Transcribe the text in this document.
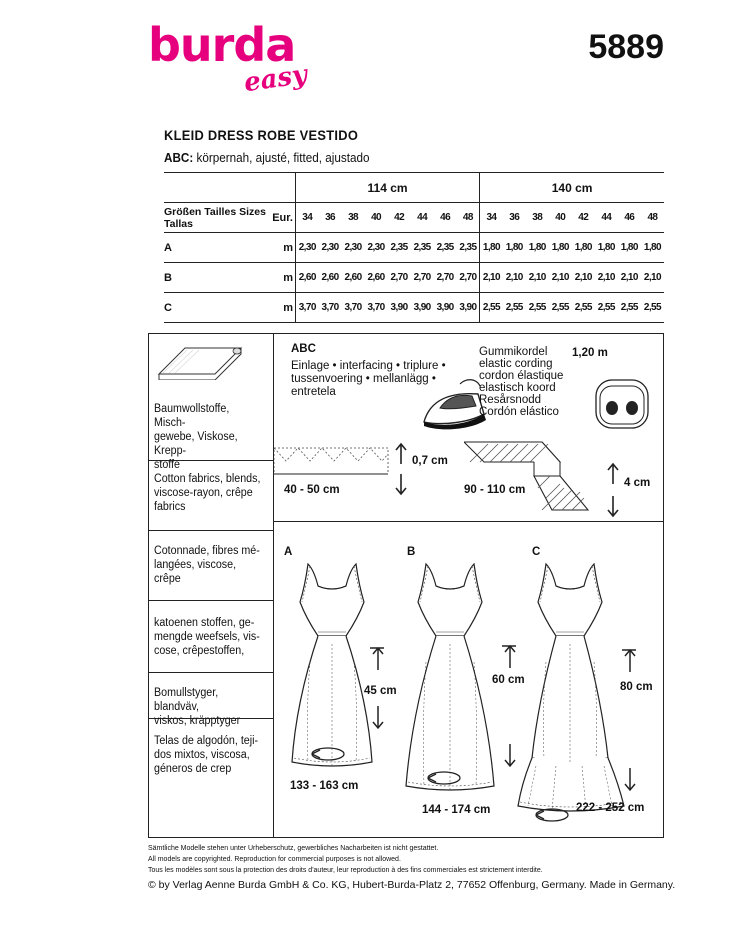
burda
easy
5889
KLEID DRESS ROBE VESTIDO
ABC: körpernah, ajusté, fitted, ajustado
		114 cm								140 cm							

Größen Tailles Sizes
Tallas	Eur.	34	36	38	40	42	44	46	48	34	36	38	40	42	44	46	48
A	m	2,30	2,30	2,30	2,30	2,35	2,35	2,35	2,35	1,80	1,80	1,80	1,80	1,80	1,80	1,80	1,80
B	m	2,60	2,60	2,60	2,60	2,70	2,70	2,70	2,70	2,10	2,10	2,10	2,10	2,10	2,10	2,10	2,10
C	m	3,70	3,70	3,70	3,70	3,90	3,90	3,90	3,90	2,55	2,55	2,55	2,55	2,55	2,55	2,55	2,55
Baumwollstoffe, Misch-
gewebe, Viskose, Krepp-
stoffe
Cotton fabrics, blends,
viscose-rayon, crêpe
fabrics
Cotonnade, fibres mé-
langées, viscose, crêpe
katoenen stoffen, ge-
mengde weefsels, vis-
cose, crêpestoffen,
Bomullstyger, blandväv,
viskos, kräpptyger
Telas de algodón, teji-
dos mixtos, viscosa,
géneros de crep
ABC
Einlage • interfacing • triplure •
tussenvoering • mellanlägg •
entretela
0,7 cm
40 - 50 cm
Gummikordel
elastic cording
cordon élastique
elastisch koord
Resårsnodd
Cordón elástico
1,20 m
90 - 110 cm
4 cm
A	B	C
45 cm
133 - 163 cm
60 cm
144 - 174 cm
80 cm
222 - 252 cm
Sämtliche Modelle stehen unter Urheberschutz, gewerbliches Nacharbeiten ist nicht gestattet.
All models are copyrighted. Reproduction for commercial purposes is not allowed.
Tous les modèles sont sous la protection des droits d'auteur, leur reproduction à des fins commerciales est strictement interdite.
© by Verlag Aenne Burda GmbH & Co. KG, Hubert-Burda-Platz 2, 77652 Offenburg, Germany. Made in Germany.
